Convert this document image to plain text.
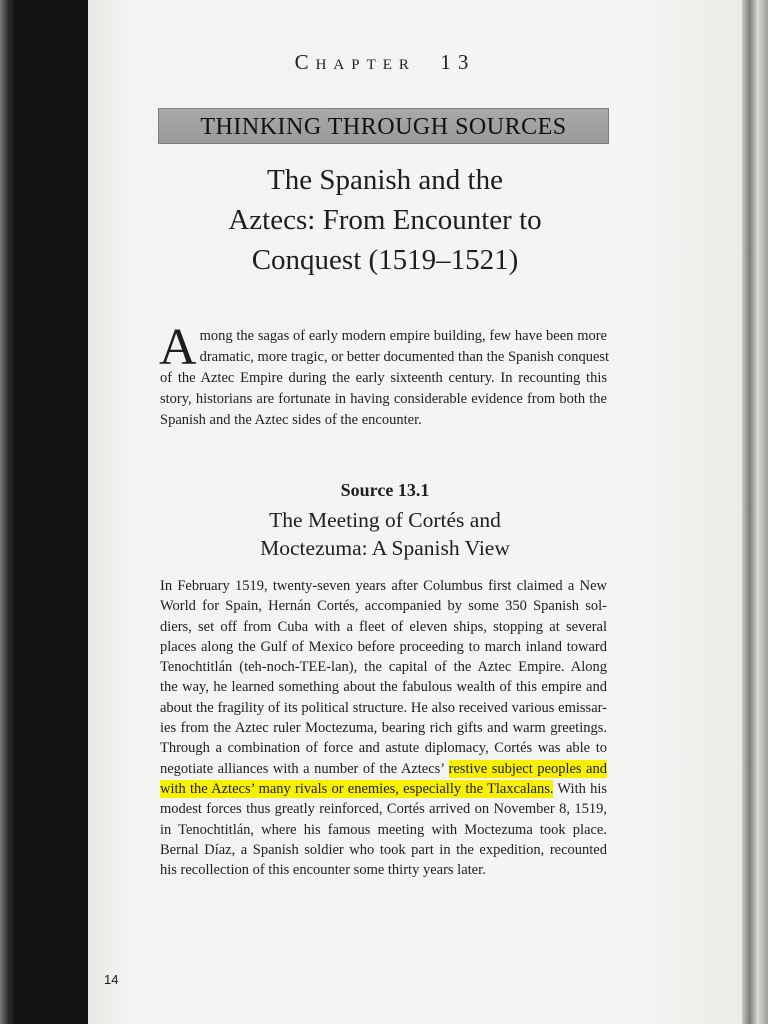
CHAPTER 13
THINKING THROUGH SOURCES
The Spanish and the
Aztecs: From Encounter to
Conquest (1519–1521)
A mong the sagas of early modern empire building, few have been more
dramatic, more tragic, or better documented than the Spanish conquest
of the Aztec Empire during the early sixteenth century. In recounting this
story, historians are fortunate in having considerable evidence from both the
Spanish and the Aztec sides of the encounter.
Source 13.1
The Meeting of Cortés and
Moctezuma: A Spanish View
In February 1519, twenty-seven years after Columbus first claimed a New
World for Spain, Hernán Cortés, accompanied by some 350 Spanish sol-
diers, set off from Cuba with a fleet of eleven ships, stopping at several
places along the Gulf of Mexico before proceeding to march inland toward
Tenochtitlán (teh-noch-TEE-lan), the capital of the Aztec Empire. Along
the way, he learned something about the fabulous wealth of this empire and
about the fragility of its political structure. He also received various emissar-
ies from the Aztec ruler Moctezuma, bearing rich gifts and warm greetings.
Through a combination of force and astute diplomacy, Cortés was able to
negotiate alliances with a number of the Aztecs’ restive subject peoples and
with the Aztecs’ many rivals or enemies, especially the Tlaxcalans. With his
modest forces thus greatly reinforced, Cortés arrived on November 8, 1519,
in Tenochtitlán, where his famous meeting with Moctezuma took place.
Bernal Díaz, a Spanish soldier who took part in the expedition, recounted
his recollection of this encounter some thirty years later.
14
